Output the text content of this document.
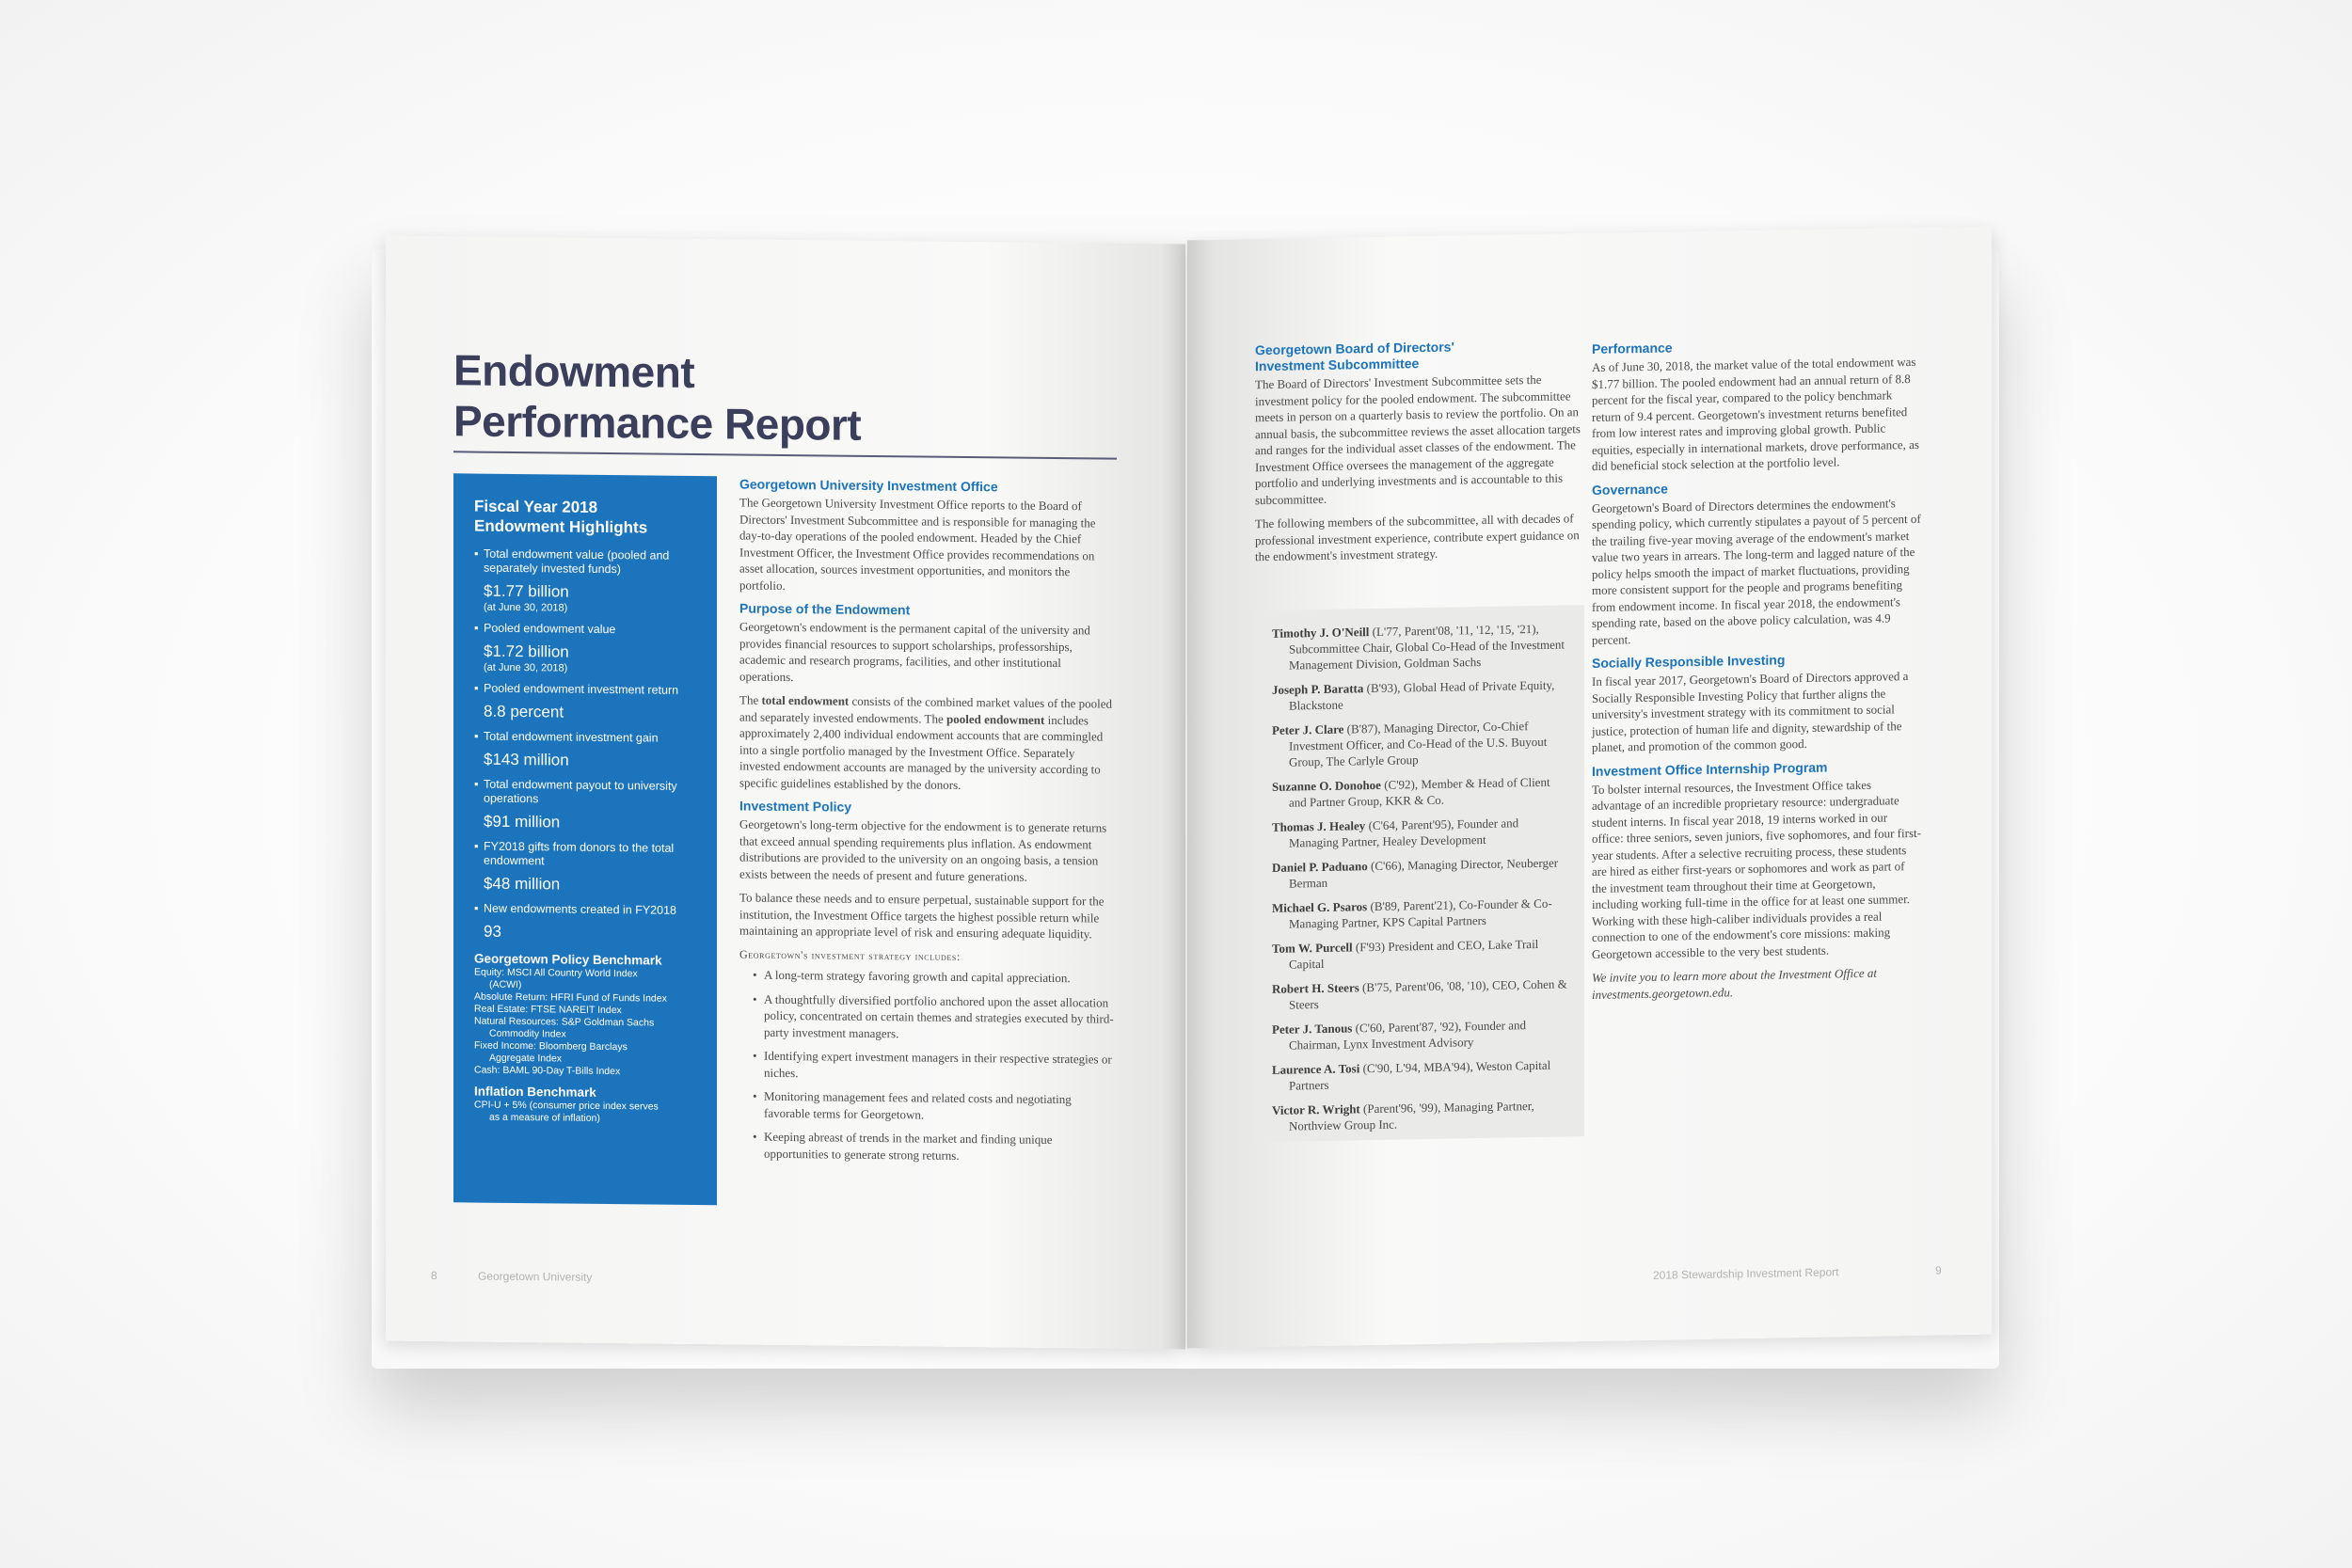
Endowment
Performance Report
Fiscal Year 2018
Endowment Highlights
▪ Total endowment value (pooled and separately invested funds)
$1.77 billion
(at June 30, 2018)
▪ Pooled endowment value
$1.72 billion
(at June 30, 2018)
▪ Pooled endowment investment return
8.8 percent
▪ Total endowment investment gain
$143 million
▪ Total endowment payout to university operations
$91 million
▪ FY2018 gifts from donors to the total endowment
$48 million
▪ New endowments created in FY2018
93
Georgetown Policy Benchmark
Equity: MSCI All Country World Index
(ACWI)
Absolute Return: HFRI Fund of Funds Index
Real Estate: FTSE NAREIT Index
Natural Resources: S&P Goldman Sachs
Commodity Index
Fixed Income: Bloomberg Barclays
Aggregate Index
Cash: BAML 90-Day T-Bills Index
Inflation Benchmark
CPI-U + 5% (consumer price index serves
as a measure of inflation)
Georgetown University Investment Office

The Georgetown University Investment Office reports to the Board of Directors' Investment Subcommittee and is responsible for managing the day-to-day operations of the pooled endowment. Headed by the Chief Investment Officer, the Investment Office provides recommendations on asset allocation, sources investment opportunities, and monitors the portfolio.

Purpose of the Endowment

Georgetown's endowment is the permanent capital of the university and provides financial resources to support scholarships, professorships, academic and research programs, facilities, and other institutional operations.

The total endowment consists of the combined market values of the pooled and separately invested endowments. The pooled endowment includes approximately 2,400 individual endowment accounts that are commingled into a single portfolio managed by the Investment Office. Separately invested endowment accounts are managed by the university according to specific guidelines established by the donors.

Investment Policy

Georgetown's long-term objective for the endowment is to generate returns that exceed annual spending requirements plus inflation. As endowment distributions are provided to the university on an ongoing basis, a tension exists between the needs of present and future generations.

To balance these needs and to ensure perpetual, sustainable support for the institution, the Investment Office targets the highest possible return while maintaining an appropriate level of risk and ensuring adequate liquidity.

Georgetown's investment strategy includes:
• A long-term strategy favoring growth and capital appreciation.
• A thoughtfully diversified portfolio anchored upon the asset allocation policy, concentrated on certain themes and strategies executed by third-party investment managers.
• Identifying expert investment managers in their respective strategies or niches.
• Monitoring management fees and related costs and negotiating favorable terms for Georgetown.
• Keeping abreast of trends in the market and finding unique opportunities to generate strong returns.
8	Georgetown University
Georgetown Board of Directors'
Investment Subcommittee

The Board of Directors' Investment Subcommittee sets the investment policy for the pooled endowment. The subcommittee meets in person on a quarterly basis to review the portfolio. On an annual basis, the subcommittee reviews the asset allocation targets and ranges for the individual asset classes of the endowment. The Investment Office oversees the management of the aggregate portfolio and underlying investments and is accountable to this subcommittee.

The following members of the subcommittee, all with decades of professional investment experience, contribute expert guidance on the endowment's investment strategy.

Timothy J. O'Neill (L'77, Parent'08, '11, '12, '15, '21), Subcommittee Chair, Global Co-Head of the Investment Management Division, Goldman Sachs
Joseph P. Baratta (B'93), Global Head of Private Equity, Blackstone
Peter J. Clare (B'87), Managing Director, Co-Chief Investment Officer, and Co-Head of the U.S. Buyout Group, The Carlyle Group
Suzanne O. Donohoe (C'92), Member & Head of Client and Partner Group, KKR & Co.
Thomas J. Healey (C'64, Parent'95), Founder and Managing Partner, Healey Development
Daniel P. Paduano (C'66), Managing Director, Neuberger Berman
Michael G. Psaros (B'89, Parent'21), Co-Founder & Co-Managing Partner, KPS Capital Partners
Tom W. Purcell (F'93) President and CEO, Lake Trail Capital
Robert H. Steers (B'75, Parent'06, '08, '10), CEO, Cohen & Steers
Peter J. Tanous (C'60, Parent'87, '92), Founder and Chairman, Lynx Investment Advisory
Laurence A. Tosi (C'90, L'94, MBA'94), Weston Capital Partners
Victor R. Wright (Parent'96, '99), Managing Partner, Northview Group Inc.
Performance

As of June 30, 2018, the market value of the total endowment was $1.77 billion. The pooled endowment had an annual return of 8.8 percent for the fiscal year, compared to the policy benchmark return of 9.4 percent. Georgetown's investment returns benefited from low interest rates and improving global growth. Public equities, especially in international markets, drove performance, as did beneficial stock selection at the portfolio level.

Governance

Georgetown's Board of Directors determines the endowment's spending policy, which currently stipulates a payout of 5 percent of the trailing five-year moving average of the endowment's market value two years in arrears. The long-term and lagged nature of the policy helps smooth the impact of market fluctuations, providing more consistent support for the people and programs benefiting from endowment income. In fiscal year 2018, the endowment's spending rate, based on the above policy calculation, was 4.9 percent.

Socially Responsible Investing

In fiscal year 2017, Georgetown's Board of Directors approved a Socially Responsible Investing Policy that further aligns the university's investment strategy with its commitment to social justice, protection of human life and dignity, stewardship of the planet, and promotion of the common good.

Investment Office Internship Program

To bolster internal resources, the Investment Office takes advantage of an incredible proprietary resource: undergraduate student interns. In fiscal year 2018, 19 interns worked in our office: three seniors, seven juniors, five sophomores, and four first-year students. After a selective recruiting process, these students are hired as either first-years or sophomores and work as part of the investment team throughout their time at Georgetown, including working full-time in the office for at least one summer. Working with these high-caliber individuals provides a real connection to one of the endowment's core missions: making Georgetown accessible to the very best students.

We invite you to learn more about the Investment Office at investments.georgetown.edu.

2018 Stewardship Investment Report	9
